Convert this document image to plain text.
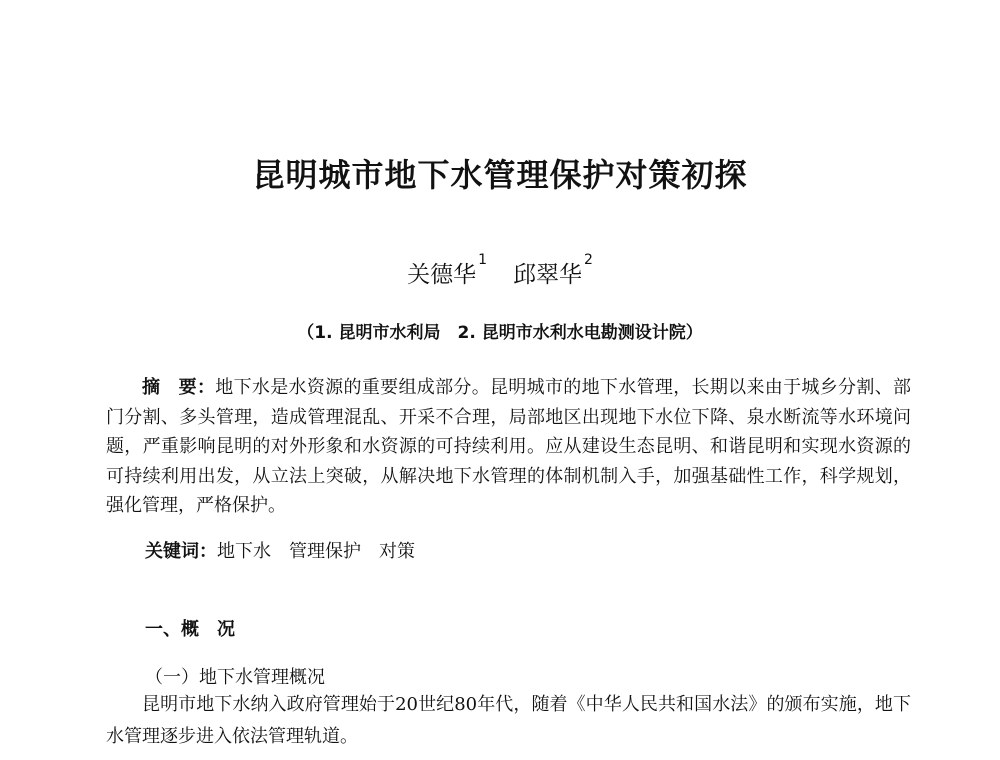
昆明城市地下水管理保护对策初探
关德华$^1$邱翠华$^2$
（1. 昆明市水利局　2. 昆明市水利水电勘测设计院）
摘　要：地下水是水资源的重要组成部分。昆明城市的地下水管理，长期以来由于城乡分割、部门分割、多头管理，造成管理混乱、开采不合理，局部地区出现地下水位下降、泉水断流等水环境问题，严重影响昆明的对外形象和水资源的可持续利用。应从建设生态昆明、和谐昆明和实现水资源的可持续利用出发，从立法上突破，从解决地下水管理的体制机制入手，加强基础性工作，科学规划，强化管理，严格保护。
关键词：地下水 管理保护 对策
一、概　况
（一）地下水管理概况
昆明市地下水纳入政府管理始于20世纪80年代，随着《中华人民共和国水法》的颁布实施，地下水管理逐步进入依法管理轨道。
